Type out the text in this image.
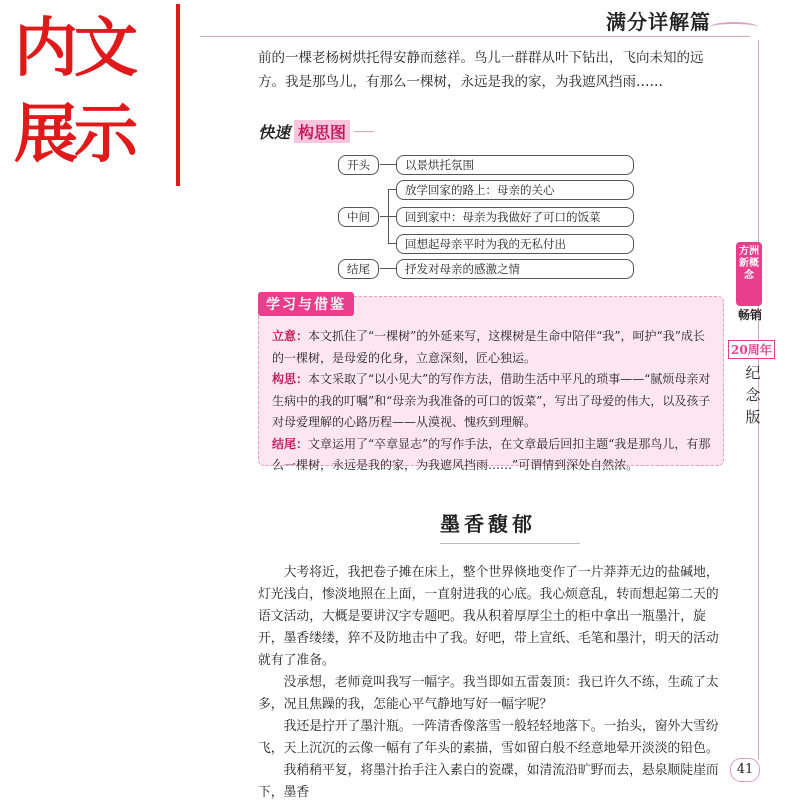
内文
展示
满分详解篇
前的一棵老杨树烘托得安静而慈祥。鸟儿一群群从叶下钻出，飞向未知的远方。我是那鸟儿，有那么一棵树，永远是我的家，为我遮风挡雨……
快速 构思图
开头	以景烘托氛围
中间
放学回家的路上：母亲的关心
回到家中：母亲为我做好了可口的饭菜
回想起母亲平时为我的无私付出
结尾	抒发对母亲的感激之情
学习与借鉴
立意：本文抓住了“一棵树”的外延来写，这棵树是生命中陪伴“我”，呵护“我”成长的一棵树，是母爱的化身，立意深刻，匠心独运。
构思：本文采取了“以小见大”的写作方法，借助生活中平凡的琐事——“腻烦母亲对生病中的我的叮嘱”和“母亲为我准备的可口的饭菜”，写出了母爱的伟大，以及孩子对母爱理解的心路历程——从漠视、愧疚到理解。
结尾：文章运用了“卒章显志”的写作手法，在文章最后回扣主题“我是那鸟儿，有那么一棵树，永远是我的家，为我遮风挡雨……”可谓情到深处自然浓。
墨香馥郁

大考将近，我把卷子摊在床上，整个世界倏地变作了一片莽莽无边的盐碱地，灯光浅白，惨淡地照在上面，一直射进我的心底。我心烦意乱，转而想起第二天的语文活动，大概是要讲汉字专题吧。我从积着厚厚尘土的柜中拿出一瓶墨汁，旋开，墨香缕缕，猝不及防地击中了我。好吧，带上宣纸、毛笔和墨汁，明天的活动就有了准备。

没承想，老师竟叫我写一幅字。我当即如五雷轰顶：我已许久不练，生疏了太多，况且焦躁的我，怎能心平气静地写好一幅字呢？

我还是拧开了墨汁瓶。一阵清香像落雪一般轻轻地落下。一抬头，窗外大雪纷飞，天上沉沉的云像一幅有了年头的素描，雪如留白般不经意地晕开淡淡的铅色。

我稍稍平复，将墨汁抬手注入素白的瓷碟，如清流沿旷野而去，悬泉顺陡崖而下，墨香

方洲新概念
畅销
20周年
纪念版
41
